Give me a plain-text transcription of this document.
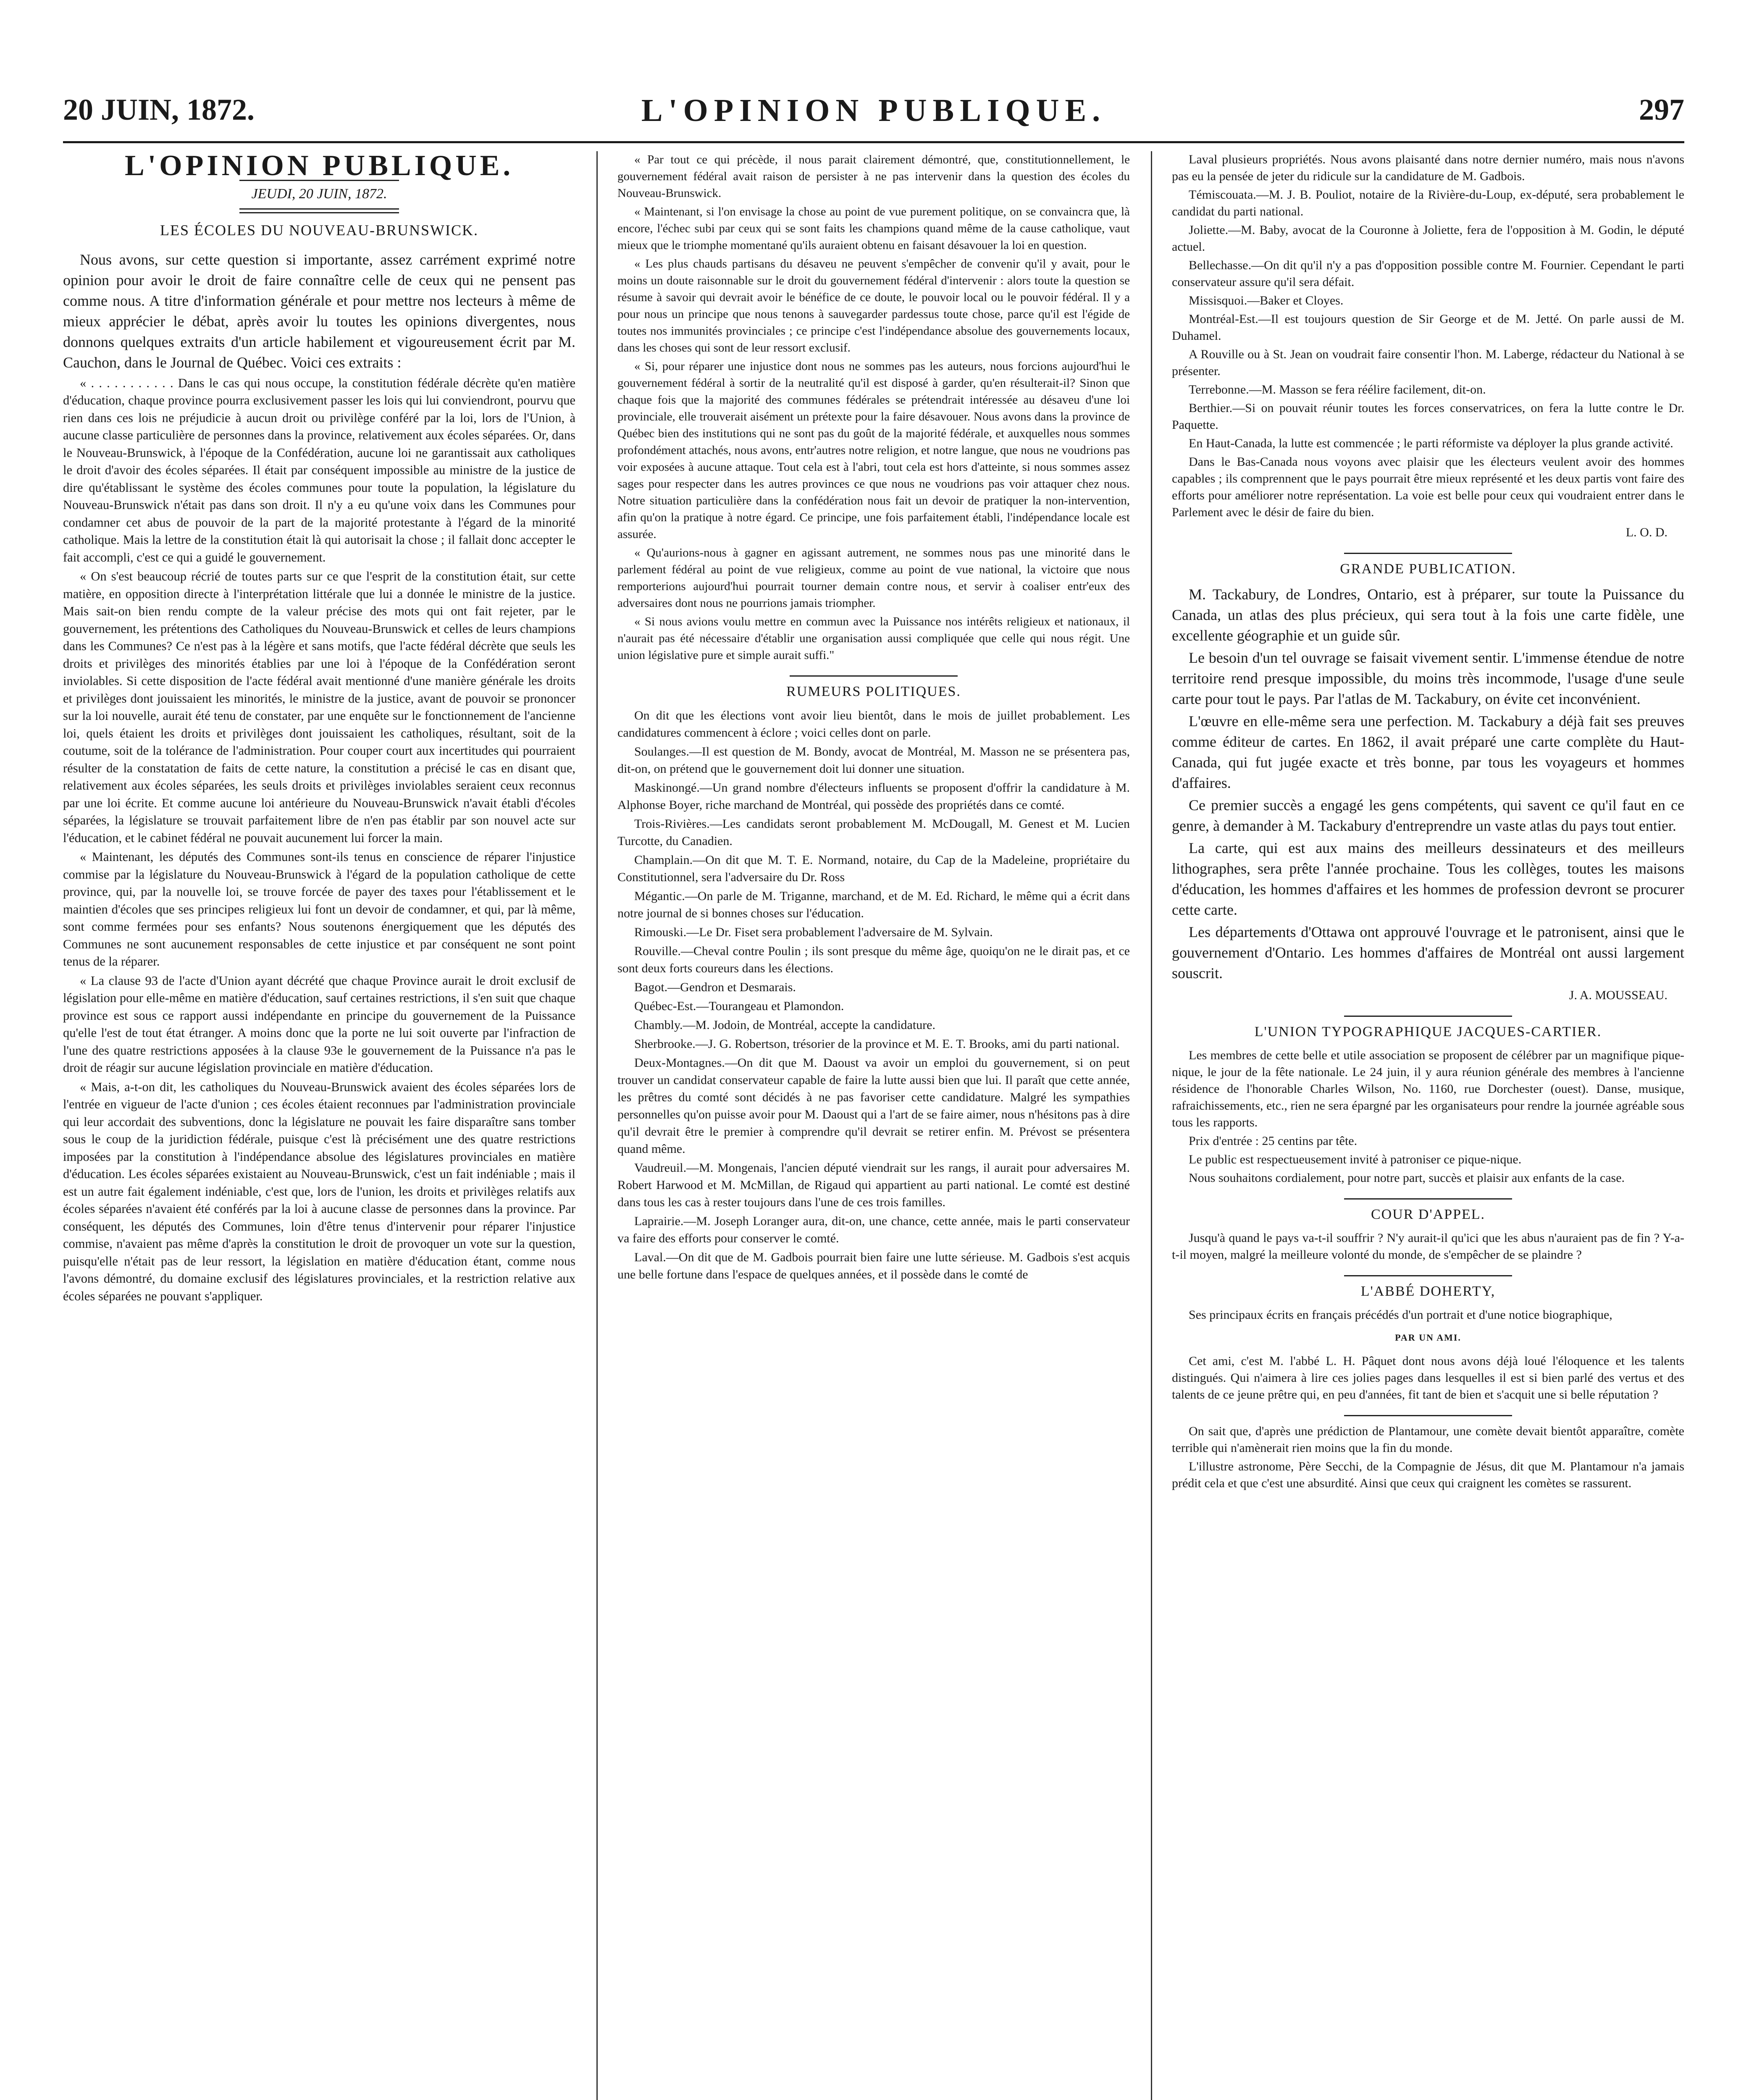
20 JUIN, 1872.	L'OPINION PUBLIQUE.	297
L'OPINION PUBLIQUE.
JEUDI, 20 JUIN, 1872.
LES ÉCOLES DU NOUVEAU-BRUNSWICK.

Nous avons, sur cette question si importante, assez carrément exprimé notre opinion pour avoir le droit de faire connaître celle de ceux qui ne pensent pas comme nous. A titre d'information générale et pour mettre nos lecteurs à même de mieux apprécier le débat, après avoir lu toutes les opinions divergentes, nous donnons quelques extraits d'un article habilement et vigoureusement écrit par M. Cauchon, dans le Journal de Québec. Voici ces extraits :

« . . . . . . . . . . . Dans le cas qui nous occupe, la constitution fédérale décrète qu'en matière d'éducation, chaque province pourra exclusivement passer les lois qui lui conviendront, pourvu que rien dans ces lois ne préjudicie à aucun droit ou privilège conféré par la loi, lors de l'Union, à aucune classe particulière de personnes dans la province, relativement aux écoles séparées. Or, dans le Nouveau-Brunswick, à l'époque de la Confédération, aucune loi ne garantissait aux catholiques le droit d'avoir des écoles séparées. Il était par conséquent impossible au ministre de la justice de dire qu'établissant le système des écoles communes pour toute la population, la législature du Nouveau-Brunswick n'était pas dans son droit. Il n'y a eu qu'une voix dans les Communes pour condamner cet abus de pouvoir de la part de la majorité protestante à l'égard de la minorité catholique. Mais la lettre de la constitution était là qui autorisait la chose ; il fallait donc accepter le fait accompli, c'est ce qui a guidé le gouvernement.

« On s'est beaucoup récrié de toutes parts sur ce que l'esprit de la constitution était, sur cette matière, en opposition directe à l'interprétation littérale que lui a donnée le ministre de la justice. Mais sait-on bien rendu compte de la valeur précise des mots qui ont fait rejeter, par le gouvernement, les prétentions des Catholiques du Nouveau-Brunswick et celles de leurs champions dans les Communes? Ce n'est pas à la légère et sans motifs, que l'acte fédéral décrète que seuls les droits et privilèges des minorités établies par une loi à l'époque de la Confédération seront inviolables. Si cette disposition de l'acte fédéral avait mentionné d'une manière générale les droits et privilèges dont jouissaient les minorités, le ministre de la justice, avant de pouvoir se prononcer sur la loi nouvelle, aurait été tenu de constater, par une enquête sur le fonctionnement de l'ancienne loi, quels étaient les droits et privilèges dont jouissaient les catholiques, résultant, soit de la coutume, soit de la tolérance de l'administration. Pour couper court aux incertitudes qui pourraient résulter de la constatation de faits de cette nature, la constitution a précisé le cas en disant que, relativement aux écoles séparées, les seuls droits et privilèges inviolables seraient ceux reconnus par une loi écrite. Et comme aucune loi antérieure du Nouveau-Brunswick n'avait établi d'écoles séparées, la législature se trouvait parfaitement libre de n'en pas établir par son nouvel acte sur l'éducation, et le cabinet fédéral ne pouvait aucunement lui forcer la main.

« Maintenant, les députés des Communes sont-ils tenus en conscience de réparer l'injustice commise par la législature du Nouveau-Brunswick à l'égard de la population catholique de cette province, qui, par la nouvelle loi, se trouve forcée de payer des taxes pour l'établissement et le maintien d'écoles que ses principes religieux lui font un devoir de condamner, et qui, par là même, sont comme fermées pour ses enfants? Nous soutenons énergiquement que les députés des Communes ne sont aucunement responsables de cette injustice et par conséquent ne sont point tenus de la réparer.

« La clause 93 de l'acte d'Union ayant décrété que chaque Province aurait le droit exclusif de législation pour elle-même en matière d'éducation, sauf certaines restrictions, il s'en suit que chaque province est sous ce rapport aussi indépendante en principe du gouvernement de la Puissance qu'elle l'est de tout état étranger. A moins donc que la porte ne lui soit ouverte par l'infraction de l'une des quatre restrictions apposées à la clause 93e le gouvernement de la Puissance n'a pas le droit de réagir sur aucune législation provinciale en matière d'éducation.

« Mais, a-t-on dit, les catholiques du Nouveau-Brunswick avaient des écoles séparées lors de l'entrée en vigueur de l'acte d'union ; ces écoles étaient reconnues par l'administration provinciale qui leur accordait des subventions, donc la législature ne pouvait les faire disparaître sans tomber sous le coup de la juridiction fédérale, puisque c'est là précisément une des quatre restrictions imposées par la constitution à l'indépendance absolue des législatures provinciales en matière d'éducation. Les écoles séparées existaient au Nouveau-Brunswick, c'est un fait indéniable ; mais il est un autre fait également indéniable, c'est que, lors de l'union, les droits et privilèges relatifs aux écoles séparées n'avaient été conférés par la loi à aucune classe de personnes dans la province. Par conséquent, les députés des Communes, loin d'être tenus d'intervenir pour réparer l'injustice commise, n'avaient pas même d'après la constitution le droit de provoquer un vote sur la question, puisqu'elle n'était pas de leur ressort, la législation en matière d'éducation étant, comme nous l'avons démontré, du domaine exclusif des législatures provinciales, et la restriction relative aux écoles séparées ne pouvant s'appliquer.

« Par tout ce qui précède, il nous parait clairement démontré, que, constitutionnellement, le gouvernement fédéral avait raison de persister à ne pas intervenir dans la question des écoles du Nouveau-Brunswick.

« Maintenant, si l'on envisage la chose au point de vue purement politique, on se convaincra que, là encore, l'échec subi par ceux qui se sont faits les champions quand même de la cause catholique, vaut mieux que le triomphe momentané qu'ils auraient obtenu en faisant désavouer la loi en question.

« Les plus chauds partisans du désaveu ne peuvent s'empêcher de convenir qu'il y avait, pour le moins un doute raisonnable sur le droit du gouvernement fédéral d'intervenir : alors toute la question se résume à savoir qui devrait avoir le bénéfice de ce doute, le pouvoir local ou le pouvoir fédéral. Il y a pour nous un principe que nous tenons à sauvegarder pardessus toute chose, parce qu'il est l'égide de toutes nos immunités provinciales ; ce principe c'est l'indépendance absolue des gouvernements locaux, dans les choses qui sont de leur ressort exclusif.

« Si, pour réparer une injustice dont nous ne sommes pas les auteurs, nous forcions aujourd'hui le gouvernement fédéral à sortir de la neutralité qu'il est disposé à garder, qu'en résulterait-il? Sinon que chaque fois que la majorité des communes fédérales se prétendrait intéressée au désaveu d'une loi provinciale, elle trouverait aisément un prétexte pour la faire désavouer. Nous avons dans la province de Québec bien des institutions qui ne sont pas du goût de la majorité fédérale, et auxquelles nous sommes profondément attachés, nous avons, entr'autres notre religion, et notre langue, que nous ne voudrions pas voir exposées à aucune attaque. Tout cela est à l'abri, tout cela est hors d'atteinte, si nous sommes assez sages pour respecter dans les autres provinces ce que nous ne voudrions pas voir attaquer chez nous. Notre situation particulière dans la confédération nous fait un devoir de pratiquer la non-intervention, afin qu'on la pratique à notre égard. Ce principe, une fois parfaitement établi, l'indépendance locale est assurée.

« Qu'aurions-nous à gagner en agissant autrement, ne sommes nous pas une minorité dans le parlement fédéral au point de vue religieux, comme au point de vue national, la victoire que nous remporterions aujourd'hui pourrait tourner demain contre nous, et servir à coaliser entr'eux des adversaires dont nous ne pourrions jamais triompher.

« Si nous avions voulu mettre en commun avec la Puissance nos intérêts religieux et nationaux, il n'aurait pas été nécessaire d'établir une organisation aussi compliquée que celle qui nous régit. Une union législative pure et simple aurait suffi."

RUMEURS POLITIQUES.

On dit que les élections vont avoir lieu bientôt, dans le mois de juillet probablement. Les candidatures commencent à éclore ; voici celles dont on parle.

Soulanges.—Il est question de M. Bondy, avocat de Montréal, M. Masson ne se présentera pas, dit-on, on prétend que le gouvernement doit lui donner une situation.

Maskinongé.—Un grand nombre d'électeurs influents se proposent d'offrir la candidature à M. Alphonse Boyer, riche marchand de Montréal, qui possède des propriétés dans ce comté.

Trois-Rivières.—Les candidats seront probablement M. McDougall, M. Genest et M. Lucien Turcotte, du Canadien.

Champlain.—On dit que M. T. E. Normand, notaire, du Cap de la Madeleine, propriétaire du Constitutionnel, sera l'adversaire du Dr. Ross

Mégantic.—On parle de M. Triganne, marchand, et de M. Ed. Richard, le même qui a écrit dans notre journal de si bonnes choses sur l'éducation.

Rimouski.—Le Dr. Fiset sera probablement l'adversaire de M. Sylvain.

Rouville.—Cheval contre Poulin ; ils sont presque du même âge, quoiqu'on ne le dirait pas, et ce sont deux forts coureurs dans les élections.

Bagot.—Gendron et Desmarais.

Québec-Est.—Tourangeau et Plamondon.

Chambly.—M. Jodoin, de Montréal, accepte la candidature.

Sherbrooke.—J. G. Robertson, trésorier de la province et M. E. T. Brooks, ami du parti national.

Deux-Montagnes.—On dit que M. Daoust va avoir un emploi du gouvernement, si on peut trouver un candidat conservateur capable de faire la lutte aussi bien que lui. Il paraît que cette année, les prêtres du comté sont décidés à ne pas favoriser cette candidature. Malgré les sympathies personnelles qu'on puisse avoir pour M. Daoust qui a l'art de se faire aimer, nous n'hésitons pas à dire qu'il devrait être le premier à comprendre qu'il devrait se retirer enfin. M. Prévost se présentera quand même.

Vaudreuil.—M. Mongenais, l'ancien député viendrait sur les rangs, il aurait pour adversaires M. Robert Harwood et M. McMillan, de Rigaud qui appartient au parti national. Le comté est destiné dans tous les cas à rester toujours dans l'une de ces trois familles.

Laprairie.—M. Joseph Loranger aura, dit-on, une chance, cette année, mais le parti conservateur va faire des efforts pour conserver le comté.

Laval.—On dit que de M. Gadbois pourrait bien faire une lutte sérieuse. M. Gadbois s'est acquis une belle fortune dans l'espace de quelques années, et il possède dans le comté de

Laval plusieurs propriétés. Nous avons plaisanté dans notre dernier numéro, mais nous n'avons pas eu la pensée de jeter du ridicule sur la candidature de M. Gadbois.

Témiscouata.—M. J. B. Pouliot, notaire de la Rivière-du-Loup, ex-député, sera probablement le candidat du parti national.

Joliette.—M. Baby, avocat de la Couronne à Joliette, fera de l'opposition à M. Godin, le député actuel.

Bellechasse.—On dit qu'il n'y a pas d'opposition possible contre M. Fournier. Cependant le parti conservateur assure qu'il sera défait.

Missisquoi.—Baker et Cloyes.

Montréal-Est.—Il est toujours question de Sir George et de M. Jetté. On parle aussi de M. Duhamel.

A Rouville ou à St. Jean on voudrait faire consentir l'hon. M. Laberge, rédacteur du National à se présenter.

Terrebonne.—M. Masson se fera réélire facilement, dit-on.

Berthier.—Si on pouvait réunir toutes les forces conservatrices, on fera la lutte contre le Dr. Paquette.

En Haut-Canada, la lutte est commencée ; le parti réformiste va déployer la plus grande activité.

Dans le Bas-Canada nous voyons avec plaisir que les électeurs veulent avoir des hommes capables ; ils comprennent que le pays pourrait être mieux représenté et les deux partis vont faire des efforts pour améliorer notre représentation. La voie est belle pour ceux qui voudraient entrer dans le Parlement avec le désir de faire du bien.

L. O. D.

GRANDE PUBLICATION.

M. Tackabury, de Londres, Ontario, est à préparer, sur toute la Puissance du Canada, un atlas des plus précieux, qui sera tout à la fois une carte fidèle, une excellente géographie et un guide sûr.

Le besoin d'un tel ouvrage se faisait vivement sentir. L'immense étendue de notre territoire rend presque impossible, du moins très incommode, l'usage d'une seule carte pour tout le pays. Par l'atlas de M. Tackabury, on évite cet inconvénient.

L'œuvre en elle-même sera une perfection. M. Tackabury a déjà fait ses preuves comme éditeur de cartes. En 1862, il avait préparé une carte complète du Haut-Canada, qui fut jugée exacte et très bonne, par tous les voyageurs et hommes d'affaires.

Ce premier succès a engagé les gens compétents, qui savent ce qu'il faut en ce genre, à demander à M. Tackabury d'entreprendre un vaste atlas du pays tout entier.

La carte, qui est aux mains des meilleurs dessinateurs et des meilleurs lithographes, sera prête l'année prochaine. Tous les collèges, toutes les maisons d'éducation, les hommes d'affaires et les hommes de profession devront se procurer cette carte.

Les départements d'Ottawa ont approuvé l'ouvrage et le patronisent, ainsi que le gouvernement d'Ontario. Les hommes d'affaires de Montréal ont aussi largement souscrit.

J. A. MOUSSEAU.

L'UNION TYPOGRAPHIQUE JACQUES-CARTIER.

Les membres de cette belle et utile association se proposent de célébrer par un magnifique pique-nique, le jour de la fête nationale. Le 24 juin, il y aura réunion générale des membres à l'ancienne résidence de l'honorable Charles Wilson, No. 1160, rue Dorchester (ouest). Danse, musique, rafraichissements, etc., rien ne sera épargné par les organisateurs pour rendre la journée agréable sous tous les rapports.

Prix d'entrée : 25 centins par tête.

Le public est respectueusement invité à patroniser ce pique-nique.

Nous souhaitons cordialement, pour notre part, succès et plaisir aux enfants de la case.

COUR D'APPEL.

Jusqu'à quand le pays va-t-il souffrir ? N'y aurait-il qu'ici que les abus n'auraient pas de fin ? Y-a-t-il moyen, malgré la meilleure volonté du monde, de s'empêcher de se plaindre ?

L'ABBÉ DOHERTY,

Ses principaux écrits en français précédés d'un portrait et d'une notice biographique,

PAR UN AMI.

Cet ami, c'est M. l'abbé L. H. Pâquet dont nous avons déjà loué l'éloquence et les talents distingués. Qui n'aimera à lire ces jolies pages dans lesquelles il est si bien parlé des vertus et des talents de ce jeune prêtre qui, en peu d'années, fit tant de bien et s'acquit une si belle réputation ?

On sait que, d'après une prédiction de Plantamour, une comète devait bientôt apparaître, comète terrible qui n'amènerait rien moins que la fin du monde.

L'illustre astronome, Père Secchi, de la Compagnie de Jésus, dit que M. Plantamour n'a jamais prédit cela et que c'est une absurdité. Ainsi que ceux qui craignent les comètes se rassurent.
